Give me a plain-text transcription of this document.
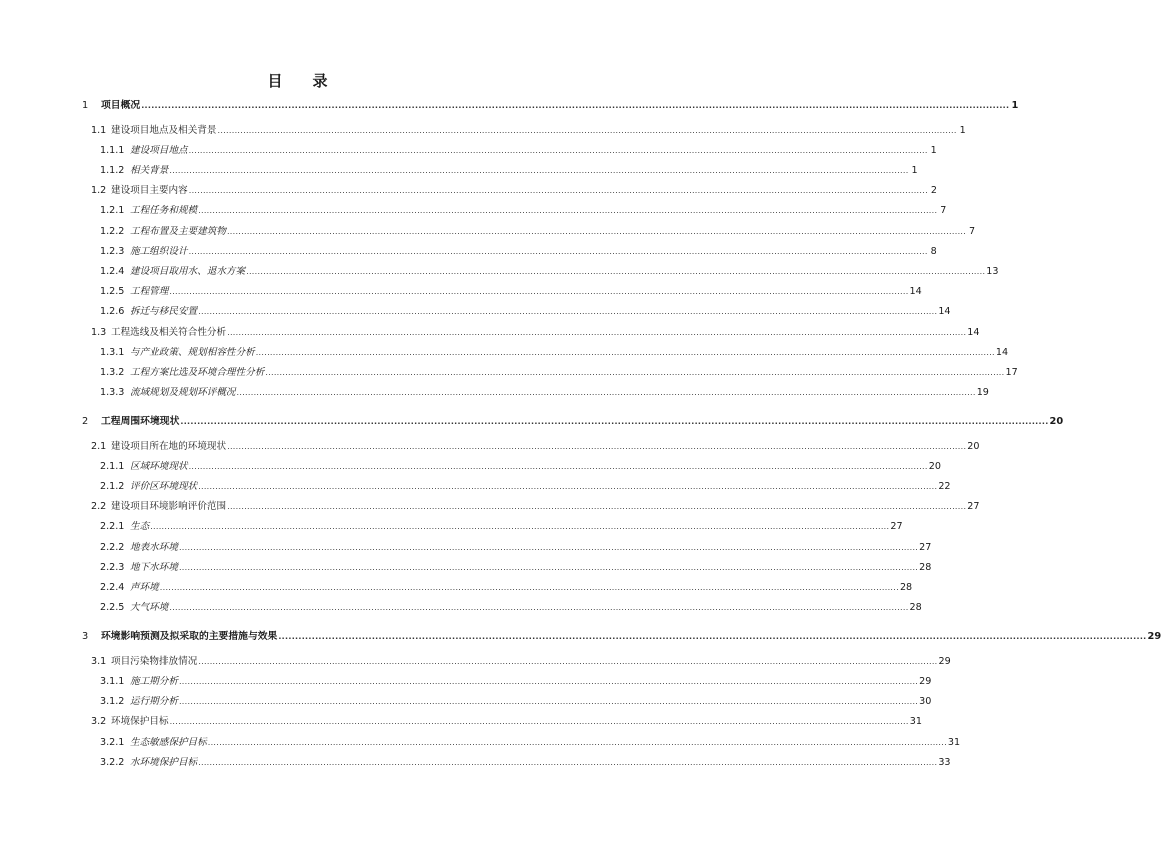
目 录
1	项目概况 .................................................................................................................................................................................................................................................................... 1
1.1 建设项目地点及相关背景 .................................................................................................................................................................................................................................................................... 1
1.1.1 建设项目地点 .................................................................................................................................................................................................................................................................... 1
1.1.2 相关背景 .................................................................................................................................................................................................................................................................... 1
1.2 建设项目主要内容 .................................................................................................................................................................................................................................................................... 2
1.2.1 工程任务和规模 .................................................................................................................................................................................................................................................................... 7
1.2.2 工程布置及主要建筑物 .................................................................................................................................................................................................................................................................... 7
1.2.3 施工组织设计 .................................................................................................................................................................................................................................................................... 8
1.2.4 建设项目取用水、退水方案 .................................................................................................................................................................................................................................................................... 13
1.2.5 工程管理 .................................................................................................................................................................................................................................................................... 14
1.2.6 拆迁与移民安置 .................................................................................................................................................................................................................................................................... 14
1.3 工程选线及相关符合性分析 .................................................................................................................................................................................................................................................................... 14
1.3.1 与产业政策、规划相容性分析 .................................................................................................................................................................................................................................................................... 14
1.3.2 工程方案比选及环境合理性分析 .................................................................................................................................................................................................................................................................... 17
1.3.3 流域规划及规划环评概况 .................................................................................................................................................................................................................................................................... 19
2	工程周围环境现状 .................................................................................................................................................................................................................................................................... 20
2.1 建设项目所在地的环境现状 .................................................................................................................................................................................................................................................................... 20
2.1.1 区域环境现状 .................................................................................................................................................................................................................................................................... 20
2.1.2 评价区环境现状 .................................................................................................................................................................................................................................................................... 22
2.2 建设项目环境影响评价范围 .................................................................................................................................................................................................................................................................... 27
2.2.1 生态 .................................................................................................................................................................................................................................................................... 27
2.2.2 地表水环境 .................................................................................................................................................................................................................................................................... 27
2.2.3 地下水环境 .................................................................................................................................................................................................................................................................... 28
2.2.4 声环境 .................................................................................................................................................................................................................................................................... 28
2.2.5 大气环境 .................................................................................................................................................................................................................................................................... 28
3	环境影响预测及拟采取的主要措施与效果 .................................................................................................................................................................................................................................................................... 29
3.1 项目污染物排放情况 .................................................................................................................................................................................................................................................................... 29
3.1.1 施工期分析 .................................................................................................................................................................................................................................................................... 29
3.1.2 运行期分析 .................................................................................................................................................................................................................................................................... 30
3.2 环境保护目标 .................................................................................................................................................................................................................................................................... 31
3.2.1 生态敏感保护目标 .................................................................................................................................................................................................................................................................... 31
3.2.2 水环境保护目标 .................................................................................................................................................................................................................................................................... 33
